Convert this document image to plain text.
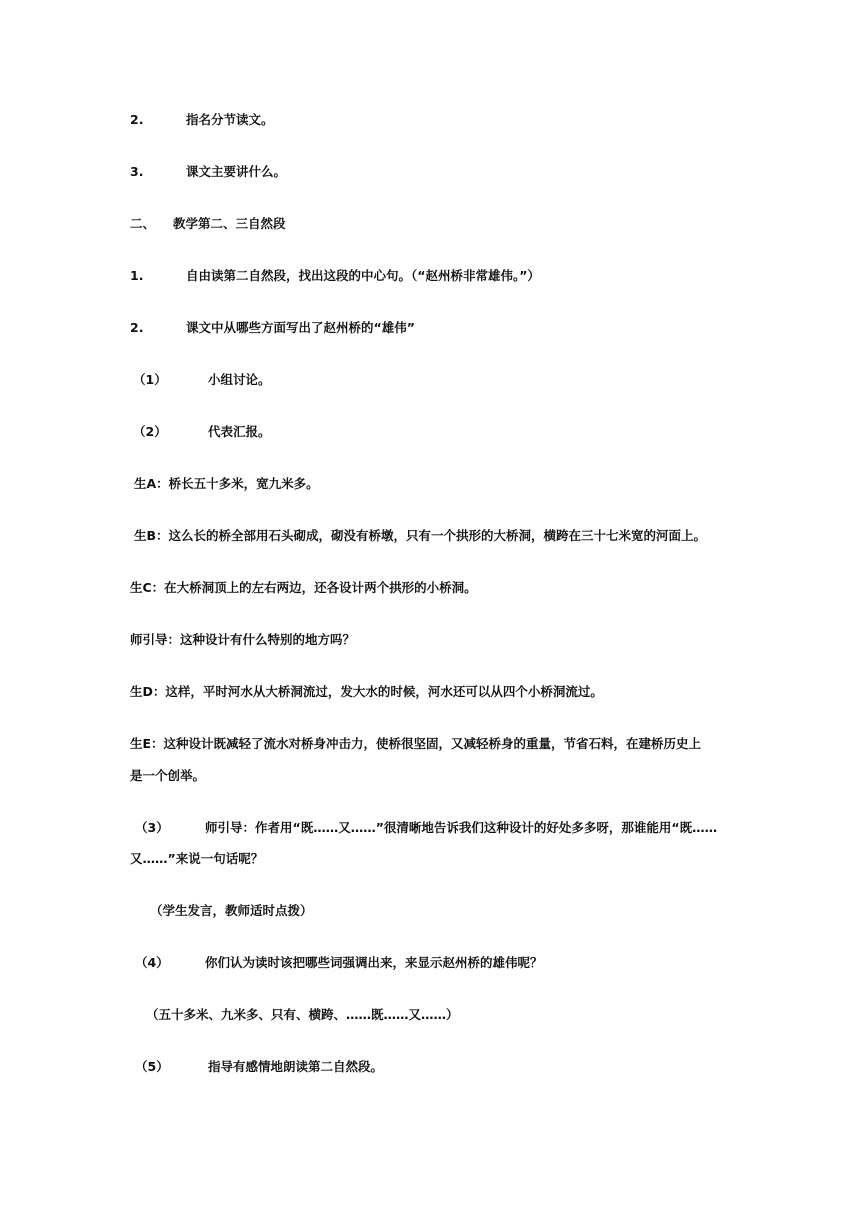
2.	指名分节读文。
3.	课文主要讲什么。
二、 教学第二、三自然段
1.	自由读第二自然段，找出这段的中心句。（“赵州桥非常雄伟。”）
2.	课文中从哪些方面写出了赵州桥的“雄伟”
（1）	小组讨论。
（2）	代表汇报。
生A：桥长五十多米，宽九米多。
生B：这么长的桥全部用石头砌成，砌没有桥墩，只有一个拱形的大桥洞，横跨在三十七米宽的河面上。
生C：在大桥洞顶上的左右两边，还各设计两个拱形的小桥洞。
师引导：这种设计有什么特别的地方吗？
生D：这样，平时河水从大桥洞流过，发大水的时候，河水还可以从四个小桥洞流过。
生E：这种设计既减轻了流水对桥身冲击力，使桥很坚固，又减轻桥身的重量，节省石料，在建桥历史上
是一个创举。
（3）	师引导：作者用“既……又……”很清晰地告诉我们这种设计的好处多多呀，那谁能用“既……
又……”来说一句话呢？
（学生发言，教师适时点拨）
（4）	你们认为读时该把哪些词强调出来，来显示赵州桥的雄伟呢？
（五十多米、九米多、只有、横跨、……既……又……）
（5）	指导有感情地朗读第二自然段。
